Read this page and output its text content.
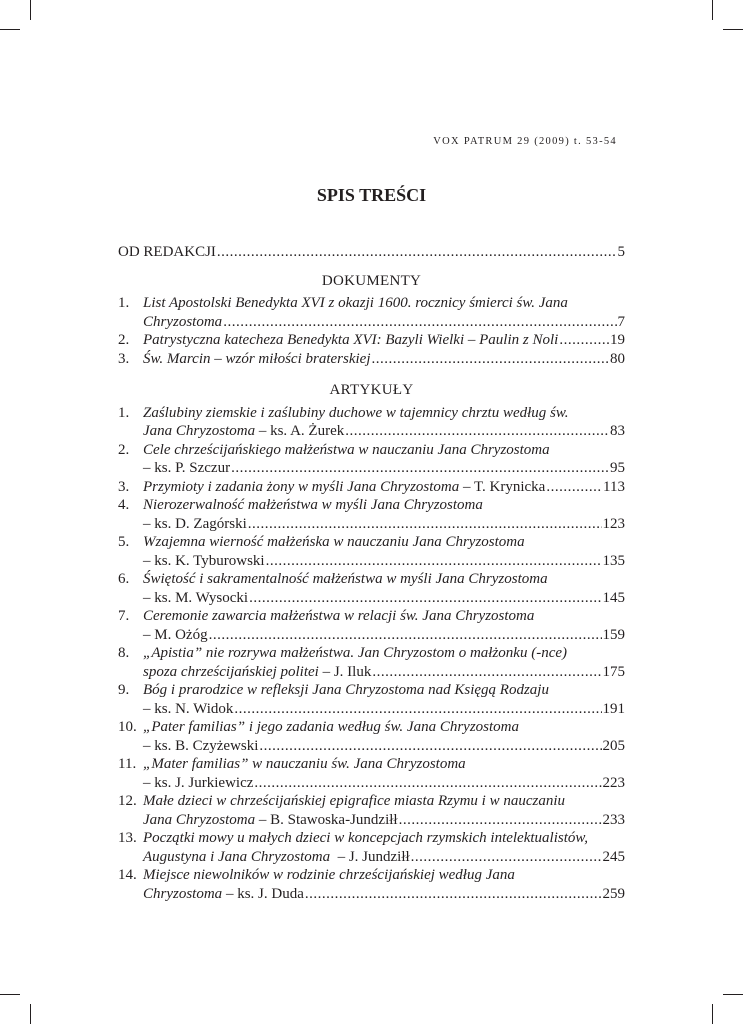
VOX PATRUM 29 (2009) t. 53-54
SPIS TREŚCI
OD REDAKCJI .....	5
DOKUMENTY
1. List Apostolski Benedykta XVI z okazji 1600. rocznicy śmierci św. Jana
Chryzostoma .....	7
2. Patrystyczna katecheza Benedykta XVI: Bazyli Wielki – Paulin z Noli .....	19
3. Św. Marcin – wzór miłości braterskiej .....	80
ARTYKUŁY
1. Zaślubiny ziemskie i zaślubiny duchowe w tajemnicy chrztu według św.
Jana Chryzostoma – ks. A. Żurek .....	83
2. Cele chrześcijańskiego małżeństwa w nauczaniu Jana Chryzostoma
– ks. P. Szczur .....	95
3. Przymioty i zadania żony w myśli Jana Chryzostoma – T. Krynicka .....	113
4. Nierozerwalność małżeństwa w myśli Jana Chryzostoma
– ks. D. Zagórski .....	123
5. Wzajemna wierność małżeńska w nauczaniu Jana Chryzostoma
– ks. K. Tyburowski .....	135
6. Świętość i sakramentalność małżeństwa w myśli Jana Chryzostoma
– ks. M. Wysocki .....	145
7. Ceremonie zawarcia małżeństwa w relacji św. Jana Chryzostoma
– M. Ożóg .....	159
8. „Apistia” nie rozrywa małżeństwa. Jan Chryzostom o małżonku (-nce)
spoza chrześcijańskiej politei – J. Iluk .....	175
9. Bóg i prarodzice w refleksji Jana Chryzostoma nad Księgą Rodzaju
– ks. N. Widok .....	191
10. „Pater familias” i jego zadania według św. Jana Chryzostoma
– ks. B. Czyżewski .....	205
11. „Mater familias” w nauczaniu św. Jana Chryzostoma
– ks. J. Jurkiewicz .....	223
12. Małe dzieci w chrześcijańskiej epigrafice miasta Rzymu i w nauczaniu
Jana Chryzostoma – B. Stawoska-Jundziłł .....	233
13. Początki mowy u małych dzieci w koncepcjach rzymskich intelektualistów,
Augustyna i Jana Chryzostoma – J. Jundziłł .....	245
14. Miejsce niewolników w rodzinie chrześcijańskiej według Jana
Chryzostoma – ks. J. Duda .....	259
